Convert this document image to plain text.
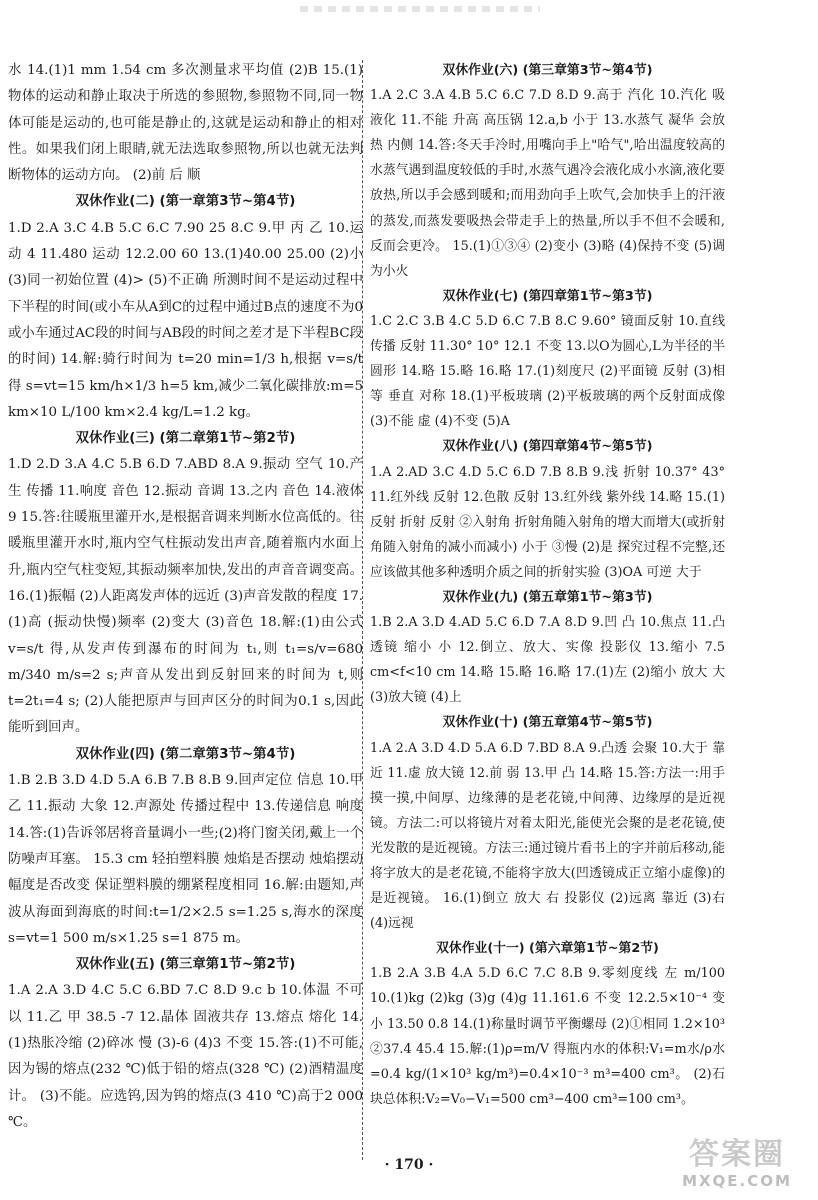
水 14.(1)1 mm 1.54 cm 多次测量求平均值 (2)B 15.(1)物体的运动和静止取决于所选的参照物,参照物不同,同一物体可能是运动的,也可能是静止的,这就是运动和静止的相对性。如果我们闭上眼睛,就无法选取参照物,所以也就无法判断物体的运动方向。 (2)前 后 顺
双休作业(二) (第一章第3节~第4节)
1.D 2.A 3.C 4.B 5.C 6.C 7.90 25 8.C 9.甲 丙 乙 10.运动 4 11.480 运动 12.2.00 60 13.(1)40.00 25.00 (2)小 (3)同一初始位置 (4)> (5)不正确 所测时间不是运动过程中下半程的时间(或小车从A到C的过程中通过B点的速度不为0或小车通过AC段的时间与AB段的时间之差才是下半程BC段的时间) 14.解:骑行时间为 t=20 min=1/3 h,根据 v=s/t 得 s=vt=15 km/h×1/3 h=5 km,减少二氧化碳排放:m=5 km×10 L/100 km×2.4 kg/L=1.2 kg。
双休作业(三) (第二章第1节~第2节)
1.D 2.D 3.A 4.C 5.B 6.D 7.ABD 8.A 9.振动 空气 10.产生 传播 11.响度 音色 12.振动 音调 13.之内 音色 14.液体 9 15.答:往暖瓶里灌开水,是根据音调来判断水位高低的。往暖瓶里灌开水时,瓶内空气柱振动发出声音,随着瓶内水面上升,瓶内空气柱变短,其振动频率加快,发出的声音音调变高。 16.(1)振幅 (2)人距离发声体的远近 (3)声音发散的程度 17.(1)高 (振动快慢)频率 (2)变大 (3)音色 18.解:(1)由公式 v=s/t 得,从发声传到瀑布的时间为 t₁,则 t₁=s/v=680 m/340 m/s=2 s;声音从发出到反射回来的时间为 t,则 t=2t₁=4 s; (2)人能把原声与回声区分的时间为0.1 s,因此能听到回声。
双休作业(四) (第二章第3节~第4节)
1.B 2.B 3.D 4.D 5.A 6.B 7.B 8.B 9.回声定位 信息 10.甲 乙 11.振动 大象 12.声源处 传播过程中 13.传递信息 响度 14.答:(1)告诉邻居将音量调小一些;(2)将门窗关闭,戴上一个防噪声耳塞。 15.3 cm 轻拍塑料膜 烛焰是否摆动 烛焰摆动幅度是否改变 保证塑料膜的绷紧程度相同 16.解:由题知,声波从海面到海底的时间:t=1/2×2.5 s=1.25 s,海水的深度 s=vt=1 500 m/s×1.25 s=1 875 m。
双休作业(五) (第三章第1节~第2节)
1.A 2.A 3.D 4.C 5.C 6.BD 7.C 8.D 9.c b 10.体温 不可以 11.乙 甲 38.5 -7 12.晶体 固液共存 13.熔点 熔化 14.(1)热胀冷缩 (2)碎冰 慢 (3)-6 (4)3 不变 15.答:(1)不可能,因为锡的熔点(232 ℃)低于铅的熔点(328 ℃) (2)酒精温度计。 (3)不能。应选钨,因为钨的熔点(3 410 ℃)高于2 000 ℃。
双休作业(六) (第三章第3节~第4节)
1.A 2.C 3.A 4.B 5.C 6.C 7.D 8.D 9.高于 汽化 10.汽化 吸 液化 11.不能 升高 高压锅 12.a,b 小于 13.水蒸气 凝华 会放热 内侧 14.答:冬天手冷时,用嘴向手上"哈气",哈出温度较高的水蒸气遇到温度较低的手时,水蒸气遇冷会液化成小水滴,液化要放热,所以手会感到暖和;而用劲向手上吹气,会加快手上的汗液的蒸发,而蒸发要吸热会带走手上的热量,所以手不但不会暖和,反而会更冷。 15.(1)①③④ (2)变小 (3)略 (4)保持不变 (5)调为小火
双休作业(七) (第四章第1节~第3节)
1.C 2.C 3.B 4.C 5.D 6.C 7.B 8.C 9.60° 镜面反射 10.直线传播 反射 11.30° 10° 12.1 不变 13.以O为圆心,L为半径的半圆形 14.略 15.略 16.略 17.(1)刻度尺 (2)平面镜 反射 (3)相等 垂直 对称 18.(1)平板玻璃 (2)平板玻璃的两个反射面成像 (3)不能 虚 (4)不变 (5)A
双休作业(八) (第四章第4节~第5节)
1.A 2.AD 3.C 4.D 5.C 6.D 7.B 8.B 9.浅 折射 10.37° 43° 11.红外线 反射 12.色散 反射 13.红外线 紫外线 14.略 15.(1)反射 折射 反射 ②入射角 折射角随入射角的增大而增大(或折射角随入射角的减小而减小) 小于 ③慢 (2)是 探究过程不完整,还应该做其他多种透明介质之间的折射实验 (3)OA 可逆 大于
双休作业(九) (第五章第1节~第3节)
1.B 2.A 3.D 4.AD 5.C 6.D 7.A 8.D 9.凹 凸 10.焦点 11.凸透镜 缩小 小 12.倒立、放大、实像 投影仪 13.缩小 7.5 cm<f<10 cm 14.略 15.略 16.略 17.(1)左 (2)缩小 放大 大 (3)放大镜 (4)上
双休作业(十) (第五章第4节~第5节)
1.A 2.A 3.D 4.D 5.A 6.D 7.BD 8.A 9.凸透 会聚 10.大于 靠近 11.虚 放大镜 12.前 弱 13.甲 凸 14.略 15.答:方法一:用手摸一摸,中间厚、边缘薄的是老花镜,中间薄、边缘厚的是近视镜。方法二:可以将镜片对着太阳光,能使光会聚的是老花镜,使光发散的是近视镜。方法三:通过镜片看书上的字并前后移动,能将字放大的是老花镜,不能将字放大(凹透镜成正立缩小虚像)的是近视镜。 16.(1)倒立 放大 右 投影仪 (2)远离 靠近 (3)右 (4)远视
双休作业(十一) (第六章第1节~第2节)
1.B 2.A 3.B 4.A 5.D 6.C 7.C 8.B 9.零刻度线 左 m/100 10.(1)kg (2)kg (3)g (4)g 11.161.6 不变 12.2.5×10⁻⁴ 变小 13.50 0.8 14.(1)称量时调节平衡螺母 (2)①相同 1.2×10³ ②37.4 45.4 15.解:(1)ρ=m/V 得瓶内水的体积:V₁=m水/ρ水=0.4 kg/(1×10³ kg/m³)=0.4×10⁻³ m³=400 cm³。 (2)石块总体积:V₂=V₀−V₁=500 cm³−400 cm³=100 cm³。
· 170 ·	答案圈
MXQE.COM
